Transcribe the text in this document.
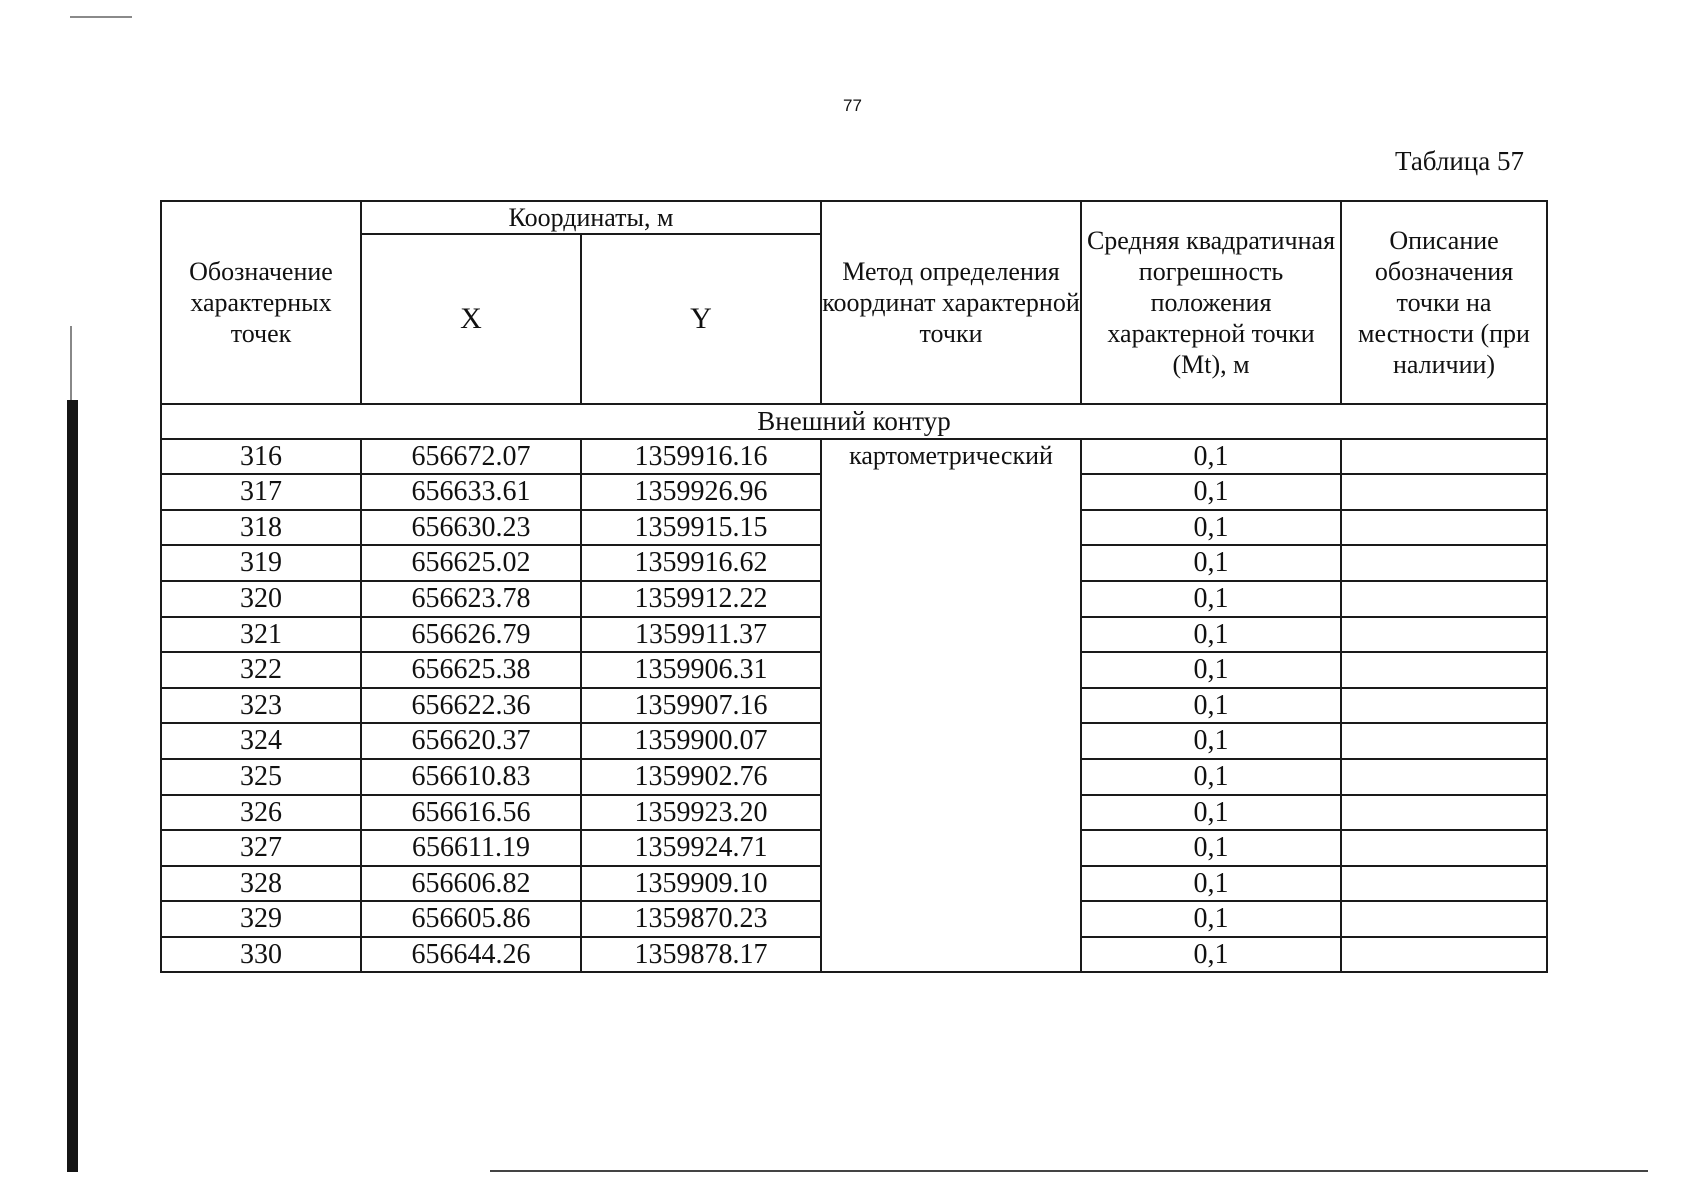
77
Таблица 57
Обозначение характерных точек	Координаты, м		Метод определения координат характерной точки	Средняя квадратичная погрешность положения характерной точки (Mt), м	Описание обозначения точки на местности (при наличии)
	X	Y			
Внешний контур					
316	656672.07	1359916.16	картометрический	0,1	
317	656633.61	1359926.96		0,1	
318	656630.23	1359915.15		0,1	
319	656625.02	1359916.62		0,1	
320	656623.78	1359912.22		0,1	
321	656626.79	1359911.37		0,1	
322	656625.38	1359906.31		0,1	
323	656622.36	1359907.16		0,1	
324	656620.37	1359900.07		0,1	
325	656610.83	1359902.76		0,1	
326	656616.56	1359923.20		0,1	
327	656611.19	1359924.71		0,1	
328	656606.82	1359909.10		0,1	
329	656605.86	1359870.23		0,1	
330	656644.26	1359878.17		0,1	
